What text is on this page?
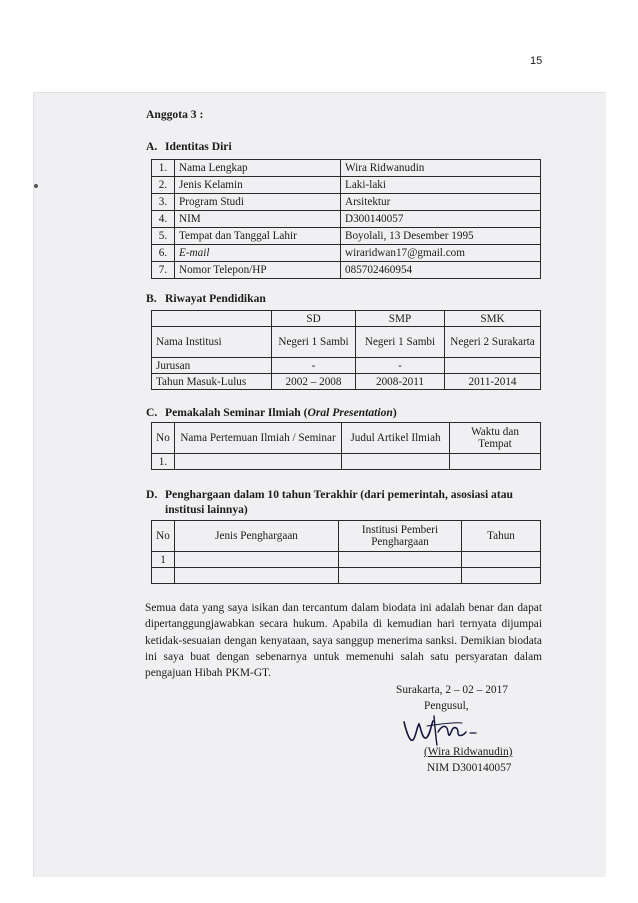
15
Anggota 3 :
A. Identitas Diri
1.	Nama Lengkap	Wira Ridwanudin
2.	Jenis Kelamin	Laki-laki
3.	Program Studi	Arsitektur
4.	NIM	D300140057
5.	Tempat dan Tanggal Lahir	Boyolali, 13 Desember 1995
6.	E-mail	wiraridwan17@gmail.com
7.	Nomor Telepon/HP	085702460954
B. Riwayat Pendidikan
	SD	SMP	SMK
Nama Institusi	Negeri 1 Sambi	Negeri 1 Sambi	Negeri 2 Surakarta
Jurusan	-	-	
Tahun Masuk-Lulus	2002 – 2008	2008-2011	2011-2014
C. Pemakalah Seminar Ilmiah (Oral Presentation)
No	Nama Pertemuan Ilmiah / Seminar	Judul Artikel Ilmiah	Waktu dan Tempat
1.			
D. Penghargaan dalam 10 tahun Terakhir (dari pemerintah, asosiasi atau
institusi lainnya)
No	Jenis Penghargaan	Institusi Pemberi Penghargaan	Tahun
1			

Semua data yang saya isikan dan tercantum dalam biodata ini adalah benar dan dapat dipertanggungjawabkan secara hukum. Apabila di kemudian hari ternyata dijumpai ketidak-sesuaian dengan kenyataan, saya sanggup menerima sanksi. Demikian biodata ini saya buat dengan sebenarnya untuk memenuhi salah satu persyaratan dalam pengajuan Hibah PKM-GT.
Surakarta, 2 – 02 – 2017
Pengusul,
(Wira Ridwanudin)
NIM D300140057
